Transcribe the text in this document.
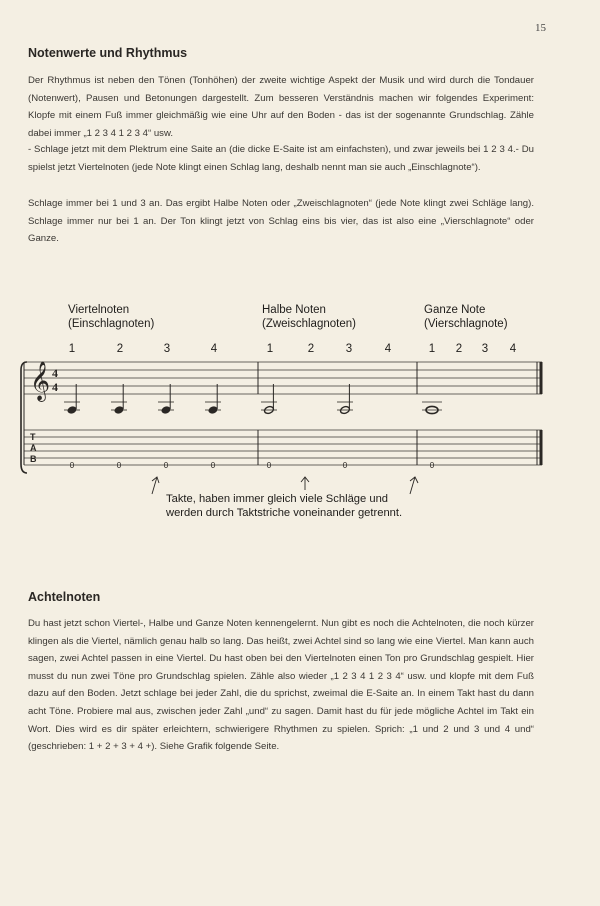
15
Notenwerte und Rhythmus

Der Rhythmus ist neben den Tönen (Tonhöhen) der zweite wichtige Aspekt der Musik und wird durch die Tondauer (Notenwert), Pausen und Betonungen dargestellt. Zum besseren Verständnis machen wir folgendes Experiment: Klopfe mit einem Fuß immer gleichmäßig wie eine Uhr auf den Boden - das ist der sogenannte Grundschlag. Zähle dabei immer „1 2 3 4 1 2 3 4“ usw.

- Schlage jetzt mit dem Plektrum eine Saite an (die dicke E-Saite ist am einfachsten), und zwar jeweils bei 1 2 3 4.- Du spielst jetzt Viertelnoten (jede Note klingt einen Schlag lang, deshalb nennt man sie auch „Einschlagnote“).

Schlage immer bei 1 und 3 an. Das ergibt Halbe Noten oder „Zweischlagnoten“ (jede Note klingt zwei Schläge lang). Schlage immer nur bei 1 an. Der Ton klingt jetzt von Schlag eins bis vier, das ist also eine „Vierschlagnote“ oder Ganze.

Viertelnoten
(Einschlagnoten)
Halbe Noten
(Zweischlagnoten)
Ganze Note
(Vierschlagnote)
1	2	3	4	1	2	3	4	1	2	3	4
𝄞 4
4
T
A
B
0	0	0	0	0	0	0
Takte, haben immer gleich viele Schläge und
werden durch Taktstriche voneinander getrennt.
Achtelnoten

Du hast jetzt schon Viertel-, Halbe und Ganze Noten kennengelernt. Nun gibt es noch die Achtelnoten, die noch kürzer klingen als die Viertel, nämlich genau halb so lang. Das heißt, zwei Achtel sind so lang wie eine Viertel. Man kann auch sagen, zwei Achtel passen in eine Viertel. Du hast oben bei den Viertelnoten einen Ton pro Grundschlag gespielt. Hier musst du nun zwei Töne pro Grundschlag spielen. Zähle also wieder „1 2 3 4 1 2 3 4“ usw. und klopfe mit dem Fuß dazu auf den Boden. Jetzt schlage bei jeder Zahl, die du sprichst, zweimal die E-Saite an. In einem Takt hast du dann acht Töne. Probiere mal aus, zwischen jeder Zahl „und“ zu sagen. Damit hast du für jede mögliche Achtel im Takt ein Wort. Dies wird es dir später erleichtern, schwierigere Rhythmen zu spielen. Sprich: „1 und 2 und 3 und 4 und“ (geschrieben: 1 + 2 + 3 + 4 +). Siehe Grafik folgende Seite.
